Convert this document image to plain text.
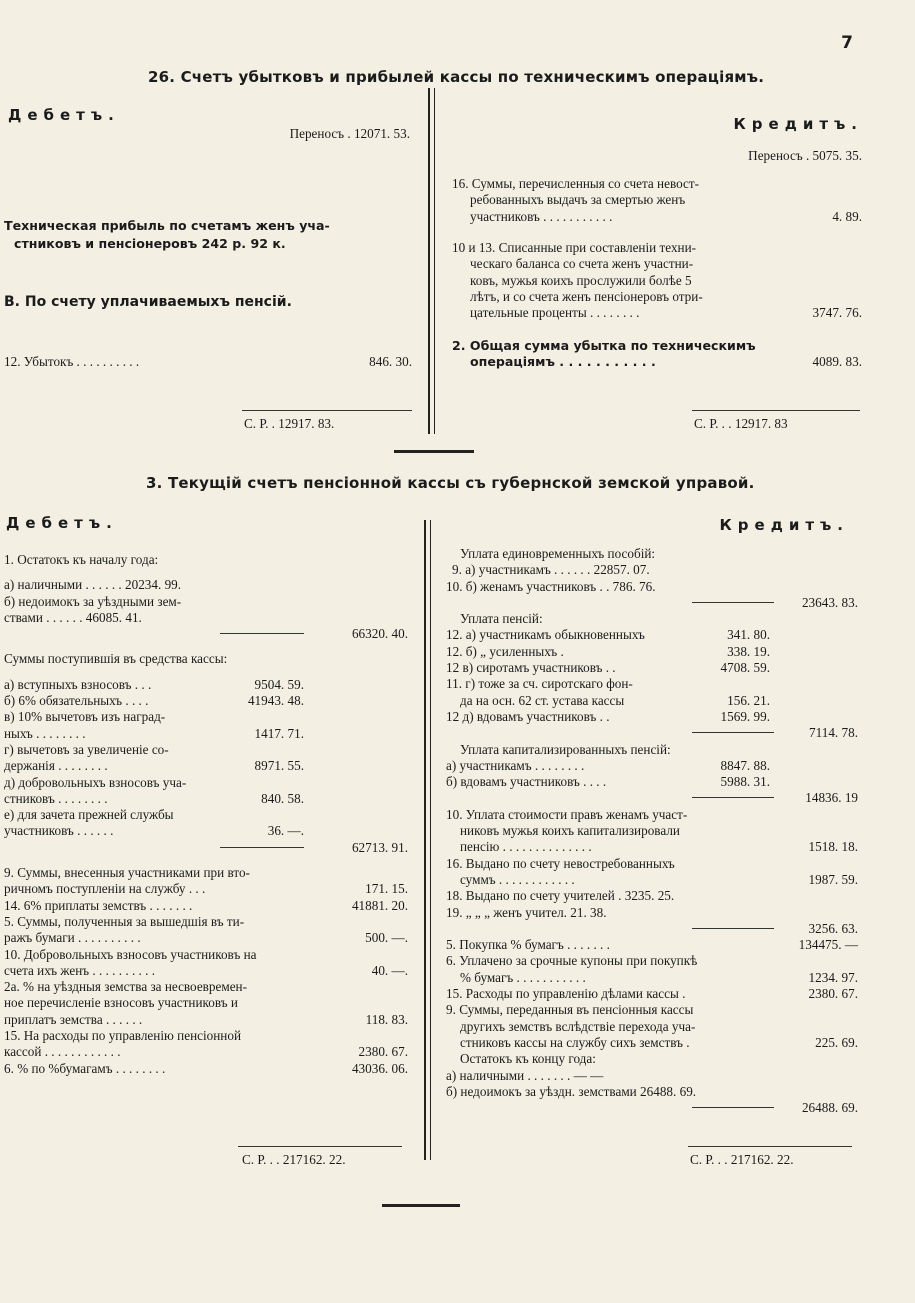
7
26. Счетъ убытковъ и прибылей кассы по техническимъ операціямъ.
Дебетъ.	Кредитъ.
Переносъ . 12071. 53.
Техническая прибыль по счетамъ женъ уча-
стниковъ и пенсіонеровъ 242 р. 92 к.
В. По счету уплачиваемыхъ пенсій.
12. Убытокъ . . . . . . . . . .	846. 30.
С. Р. . 12917. 83.
Переносъ . 5075. 35.
16. Суммы, перечисленныя со счета невост-
ребованныхъ выдачъ за смертью женъ
участниковъ . . . . . . . . . . .	4. 89.
10 и 13. Списанные при составленіи техни-
ческаго баланса со счета женъ участни-
ковъ, мужья коихъ прослужили болѣе 5
лѣтъ, и со счета женъ пенсіонеровъ отри-
цательные проценты . . . . . . . .	3747. 76.
2. Общая сумма убытка по техническимъ
операціямъ . . . . . . . . . . .	4089. 83.
С. Р. . . 12917. 83
3. Текущій счетъ пенсіонной кассы съ губернской земской управой.
Дебетъ.	Кредитъ.
1. Остатокъ къ началу года:
а) наличными . . . . . . 20234. 99.
б) недоимокъ за уѣздными зем-
ствами . . . . . . 46085. 41.
66320. 40.
Суммы поступившія въ средства кассы:
а) вступныхъ взносовъ . . .	9504. 59.
б) 6% обязательныхъ . . . .	41943. 48.
в) 10% вычетовъ изъ наград-
ныхъ . . . . . . . .	1417. 71.
г) вычетовъ за увеличеніе со-
держанія . . . . . . . .	8971. 55.
д) добровольныхъ взносовъ уча-
стниковъ . . . . . . . .	840. 58.
е) для зачета прежней службы
участниковъ . . . . . .	36. —.
62713. 91.
9. Суммы, внесенныя участниками при вто-
ричномъ поступленіи на службу . . .	171. 15.
14. 6% приплаты земствъ . . . . . . .	41881. 20.
5. Суммы, полученныя за вышедшія въ ти-
ражъ бумаги . . . . . . . . . .	500. —.
10. Добровольныхъ взносовъ участниковъ на
счета ихъ женъ . . . . . . . . . .	40. —.
2а. % на уѣздныя земства за несвоевремен-
ное перечисленіе взносовъ участниковъ и
приплатъ земства . . . . . .	118. 83.
15. На расходы по управленію пенсіонной
кассой . . . . . . . . . . . .	2380. 67.
6. % по %бумагамъ . . . . . . . .	43036. 06.
С. Р. . . 217162. 22.
Уплата единовременныхъ пособій:
9. а) участникамъ . . . . . . 22857. 07.
10. б) женамъ участниковъ . . 786. 76.
23643. 83.
Уплата пенсій:
12. а) участникамъ обыкновенныхъ	341. 80.
12. б) „ усиленныхъ .	338. 19.
12 в) сиротамъ участниковъ . .	4708. 59.
11. г) тоже за сч. сиротскаго фон-
да на осн. 62 ст. устава кассы	156. 21.
12 д) вдовамъ участниковъ . .	1569. 99.
7114. 78.
Уплата капитализированныхъ пенсій:
а) участникамъ . . . . . . . .	8847. 88.
б) вдовамъ участниковъ . . . .	5988. 31.
14836. 19
10. Уплата стоимости правъ женамъ участ-
никовъ мужья коихъ капитализировали
пенсію . . . . . . . . . . . . . .	1518. 18.
16. Выдано по счету невостребованныхъ
суммъ . . . . . . . . . . . .	1987. 59.
18. Выдано по счету учителей . 3235. 25.
19. „ „ „ женъ учител. 21. 38.
3256. 63.
5. Покупка % бумагъ . . . . . . .	134475. —
6. Уплачено за срочные купоны при покупкѣ
% бумагъ . . . . . . . . . . .	1234. 97.
15. Расходы по управленію дѣлами кассы .	2380. 67.
9. Суммы, переданныя въ пенсіонныя кассы
другихъ земствъ вслѣдствіе перехода уча-
стниковъ кассы на службу сихъ земствъ .	225. 69.
Остатокъ къ концу года:
а) наличными . . . . . . . — —
б) недоимокъ за уѣздн. земствами 26488. 69.
26488. 69.
С. Р. . . 217162. 22.
